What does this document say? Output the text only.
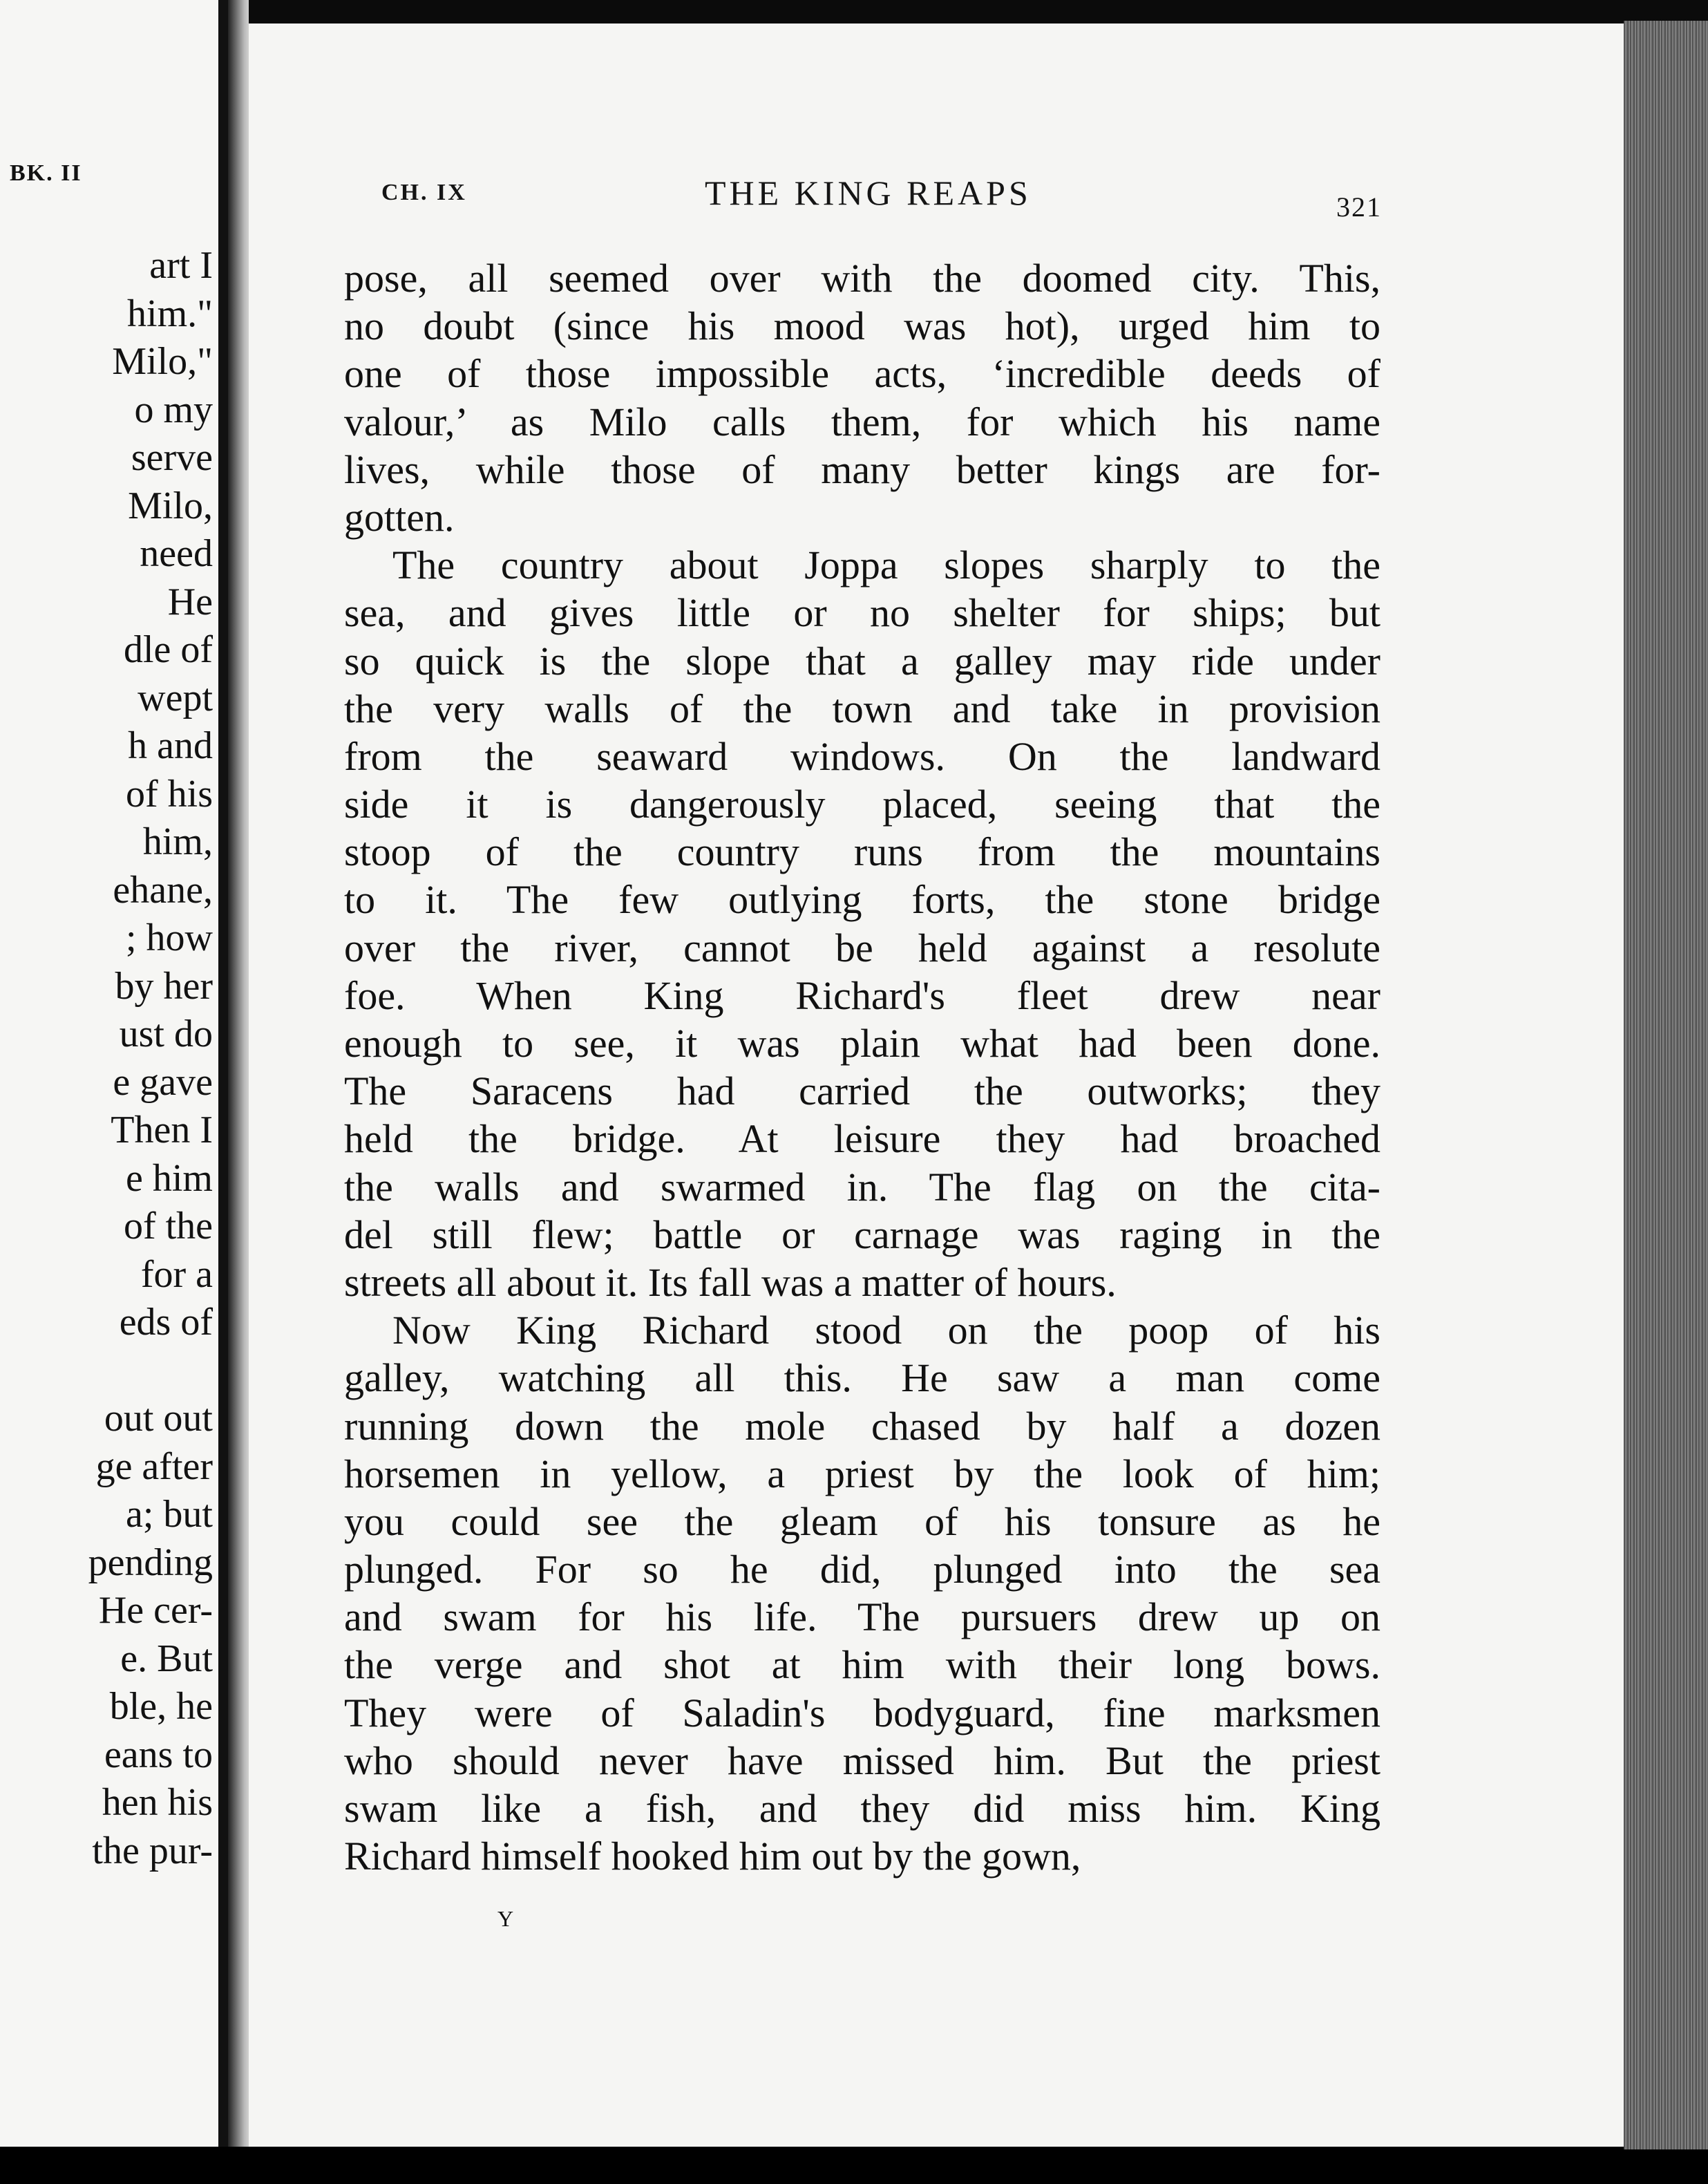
BK. II
art I
him."
Milo,"
o my
serve
Milo,
need
He
dle of
wept
h and
of his
him,
ehane,
; how
by her
ust do
e gave
Then I
e him
of the
for a
eds of
out out
ge after
a; but
pending
He cer-
e. But
ble, he
eans to
hen his
the pur-
CH. IX	THE KING REAPS	321
pose, all seemed over with the doomed city. This,
no doubt (since his mood was hot), urged him to
one of those impossible acts, ‘incredible deeds of
valour,’ as Milo calls them, for which his name
lives, while those of many better kings are for-
gotten.
The country about Joppa slopes sharply to the
sea, and gives little or no shelter for ships; but
so quick is the slope that a galley may ride under
the very walls of the town and take in provision
from the seaward windows. On the landward
side it is dangerously placed, seeing that the
stoop of the country runs from the mountains
to it. The few outlying forts, the stone bridge
over the river, cannot be held against a resolute
foe. When King Richard's fleet drew near
enough to see, it was plain what had been done.
The Saracens had carried the outworks; they
held the bridge. At leisure they had broached
the walls and swarmed in. The flag on the cita-
del still flew; battle or carnage was raging in the
streets all about it. Its fall was a matter of hours.
Now King Richard stood on the poop of his
galley, watching all this. He saw a man come
running down the mole chased by half a dozen
horsemen in yellow, a priest by the look of him;
you could see the gleam of his tonsure as he
plunged. For so he did, plunged into the sea
and swam for his life. The pursuers drew up on
the verge and shot at him with their long bows.
They were of Saladin's bodyguard, fine marksmen
who should never have missed him. But the priest
swam like a fish, and they did miss him. King
Richard himself hooked him out by the gown,
Y
